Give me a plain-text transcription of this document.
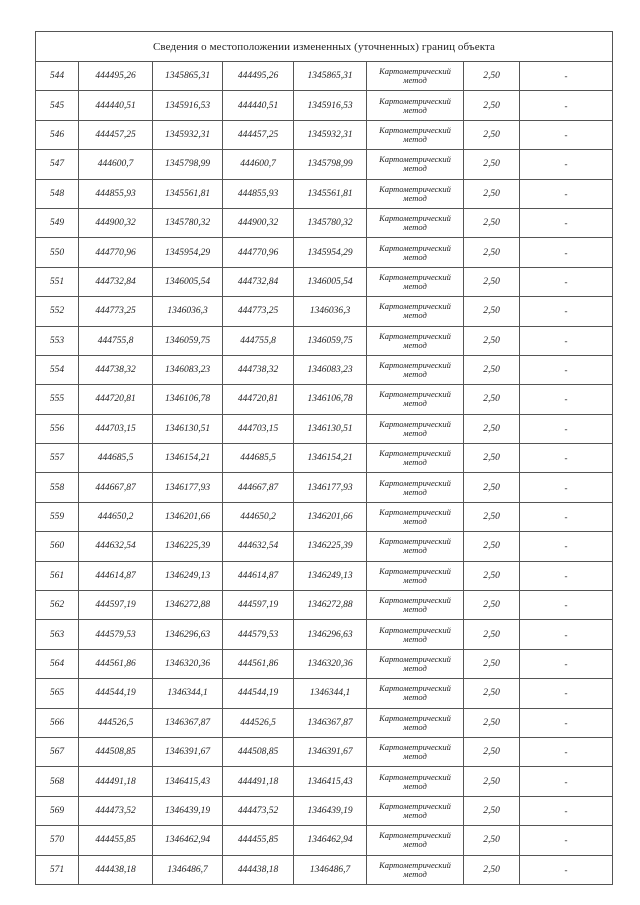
Сведения о местоположении измененных (уточненных) границ объекта							
544	444495,26	1345865,31	444495,26	1345865,31	Картометрический метод	2,50	-
545	444440,51	1345916,53	444440,51	1345916,53	Картометрический метод	2,50	-
546	444457,25	1345932,31	444457,25	1345932,31	Картометрический метод	2,50	-
547	444600,7	1345798,99	444600,7	1345798,99	Картометрический метод	2,50	-
548	444855,93	1345561,81	444855,93	1345561,81	Картометрический метод	2,50	-
549	444900,32	1345780,32	444900,32	1345780,32	Картометрический метод	2,50	-
550	444770,96	1345954,29	444770,96	1345954,29	Картометрический метод	2,50	-
551	444732,84	1346005,54	444732,84	1346005,54	Картометрический метод	2,50	-
552	444773,25	1346036,3	444773,25	1346036,3	Картометрический метод	2,50	-
553	444755,8	1346059,75	444755,8	1346059,75	Картометрический метод	2,50	-
554	444738,32	1346083,23	444738,32	1346083,23	Картометрический метод	2,50	-
555	444720,81	1346106,78	444720,81	1346106,78	Картометрический метод	2,50	-
556	444703,15	1346130,51	444703,15	1346130,51	Картометрический метод	2,50	-
557	444685,5	1346154,21	444685,5	1346154,21	Картометрический метод	2,50	-
558	444667,87	1346177,93	444667,87	1346177,93	Картометрический метод	2,50	-
559	444650,2	1346201,66	444650,2	1346201,66	Картометрический метод	2,50	-
560	444632,54	1346225,39	444632,54	1346225,39	Картометрический метод	2,50	-
561	444614,87	1346249,13	444614,87	1346249,13	Картометрический метод	2,50	-
562	444597,19	1346272,88	444597,19	1346272,88	Картометрический метод	2,50	-
563	444579,53	1346296,63	444579,53	1346296,63	Картометрический метод	2,50	-
564	444561,86	1346320,36	444561,86	1346320,36	Картометрический метод	2,50	-
565	444544,19	1346344,1	444544,19	1346344,1	Картометрический метод	2,50	-
566	444526,5	1346367,87	444526,5	1346367,87	Картометрический метод	2,50	-
567	444508,85	1346391,67	444508,85	1346391,67	Картометрический метод	2,50	-
568	444491,18	1346415,43	444491,18	1346415,43	Картометрический метод	2,50	-
569	444473,52	1346439,19	444473,52	1346439,19	Картометрический метод	2,50	-
570	444455,85	1346462,94	444455,85	1346462,94	Картометрический метод	2,50	-
571	444438,18	1346486,7	444438,18	1346486,7	Картометрический метод	2,50	-
